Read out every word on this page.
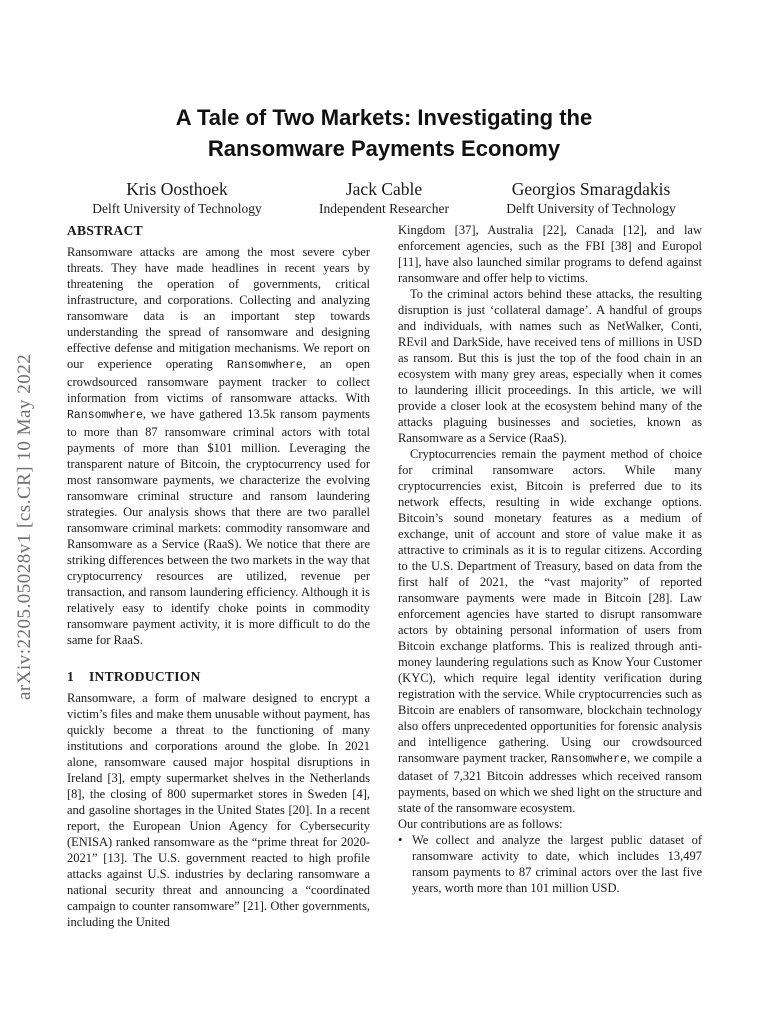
A Tale of Two Markets: Investigating the
Ransomware Payments Economy
Kris Oosthoek
Delft University of Technology
Jack Cable
Independent Researcher
Georgios Smaragdakis
Delft University of Technology
arXiv:2205.05028v1 [cs.CR] 10 May 2022
ABSTRACT

Ransomware attacks are among the most severe cyber threats. They have made headlines in recent years by threatening the operation of governments, critical infrastructure, and corporations. Collecting and analyzing ransomware data is an important step towards understanding the spread of ransomware and designing effective defense and mitigation mechanisms. We report on our experience operating Ransomwhere, an open crowdsourced ransomware payment tracker to collect information from victims of ransomware attacks. With Ransomwhere, we have gathered 13.5k ransom payments to more than 87 ransomware criminal actors with total payments of more than $101 million. Leveraging the transparent nature of Bitcoin, the cryptocurrency used for most ransomware payments, we characterize the evolving ransomware criminal structure and ransom laundering strategies. Our analysis shows that there are two parallel ransomware criminal markets: commodity ransomware and Ransomware as a Service (RaaS). We notice that there are striking differences between the two markets in the way that cryptocurrency resources are utilized, revenue per transaction, and ransom laundering efficiency. Although it is relatively easy to identify choke points in commodity ransomware payment activity, it is more difficult to do the same for RaaS.

1 INTRODUCTION

Ransomware, a form of malware designed to encrypt a victim’s files and make them unusable without payment, has quickly become a threat to the functioning of many institutions and corporations around the globe. In 2021 alone, ransomware caused major hospital disruptions in Ireland [3], empty supermarket shelves in the Netherlands [8], the closing of 800 supermarket stores in Sweden [4], and gasoline shortages in the United States [20]. In a recent report, the European Union Agency for Cybersecurity (ENISA) ranked ransomware as the “prime threat for 2020-2021” [13]. The U.S. government reacted to high profile attacks against U.S. industries by declaring ransomware a national security threat and announcing a “coordinated campaign to counter ransomware” [21]. Other governments, including the United

Kingdom [37], Australia [22], Canada [12], and law enforcement agencies, such as the FBI [38] and Europol [11], have also launched similar programs to defend against ransomware and offer help to victims.

To the criminal actors behind these attacks, the resulting disruption is just ‘collateral damage’. A handful of groups and individuals, with names such as NetWalker, Conti, REvil and DarkSide, have received tens of millions in USD as ransom. But this is just the top of the food chain in an ecosystem with many grey areas, especially when it comes to laundering illicit proceedings. In this article, we will provide a closer look at the ecosystem behind many of the attacks plaguing businesses and societies, known as Ransomware as a Service (RaaS).

Cryptocurrencies remain the payment method of choice for criminal ransomware actors. While many cryptocurrencies exist, Bitcoin is preferred due to its network effects, resulting in wide exchange options. Bitcoin’s sound monetary features as a medium of exchange, unit of account and store of value make it as attractive to criminals as it is to regular citizens. According to the U.S. Department of Treasury, based on data from the first half of 2021, the “vast majority” of reported ransomware payments were made in Bitcoin [28]. Law enforcement agencies have started to disrupt ransomware actors by obtaining personal information of users from Bitcoin exchange platforms. This is realized through anti-money laundering regulations such as Know Your Customer (KYC), which require legal identity verification during registration with the service. While cryptocurrencies such as Bitcoin are enablers of ransomware, blockchain technology also offers unprecedented opportunities for forensic analysis and intelligence gathering. Using our crowdsourced ransomware payment tracker, Ransomwhere, we compile a dataset of 7,321 Bitcoin addresses which received ransom payments, based on which we shed light on the structure and state of the ransomware ecosystem.

Our contributions are as follows:

• We collect and analyze the largest public dataset of ransomware activity to date, which includes 13,497 ransom payments to 87 criminal actors over the last five years, worth more than 101 million USD.
